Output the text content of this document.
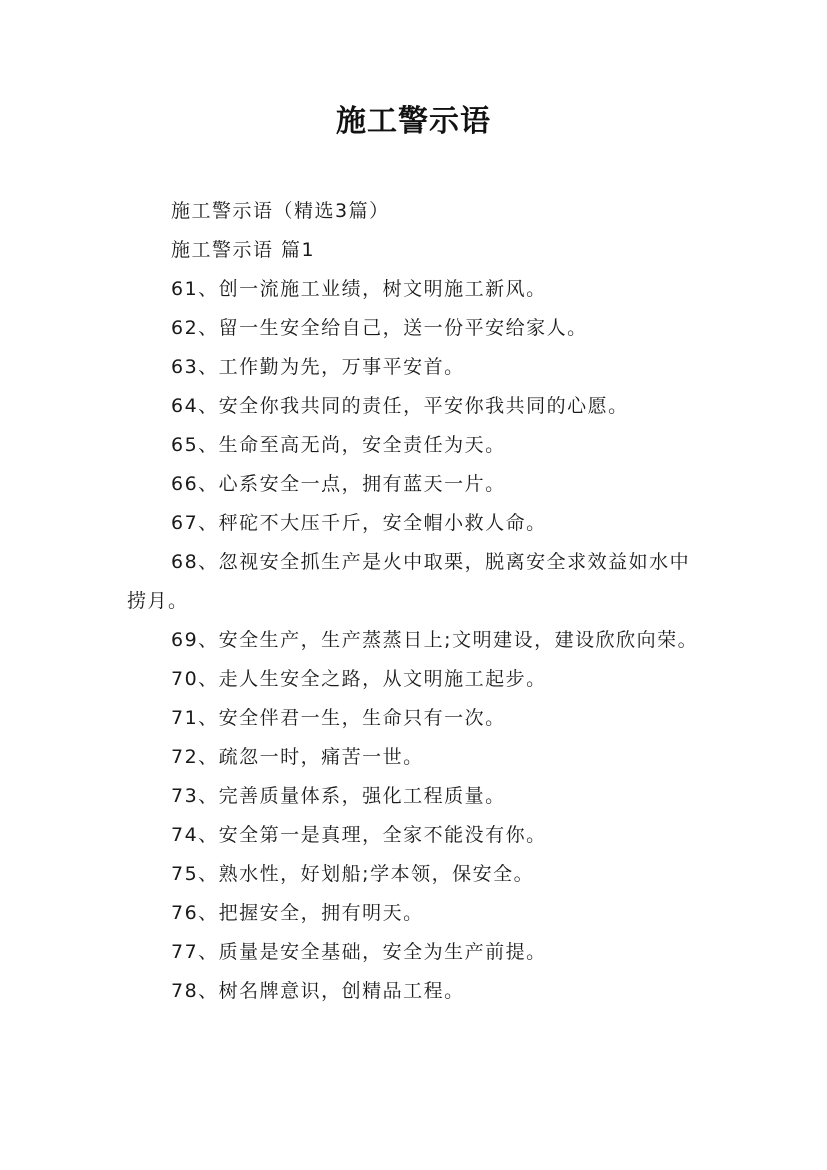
施工警示语

施工警示语（精选3篇）

施工警示语 篇1

61、创一流施工业绩，树文明施工新风。

62、留一生安全给自己，送一份平安给家人。

63、工作勤为先，万事平安首。

64、安全你我共同的责任，平安你我共同的心愿。

65、生命至高无尚，安全责任为天。

66、心系安全一点，拥有蓝天一片。

67、秤砣不大压千斤，安全帽小救人命。

68、忽视安全抓生产是火中取栗，脱离安全求效益如水中捞月。

69、安全生产，生产蒸蒸日上;文明建设，建设欣欣向荣。

70、走人生安全之路，从文明施工起步。

71、安全伴君一生，生命只有一次。

72、疏忽一时，痛苦一世。

73、完善质量体系，强化工程质量。

74、安全第一是真理，全家不能没有你。

75、熟水性，好划船;学本领，保安全。

76、把握安全，拥有明天。

77、质量是安全基础，安全为生产前提。

78、树名牌意识，创精品工程。
